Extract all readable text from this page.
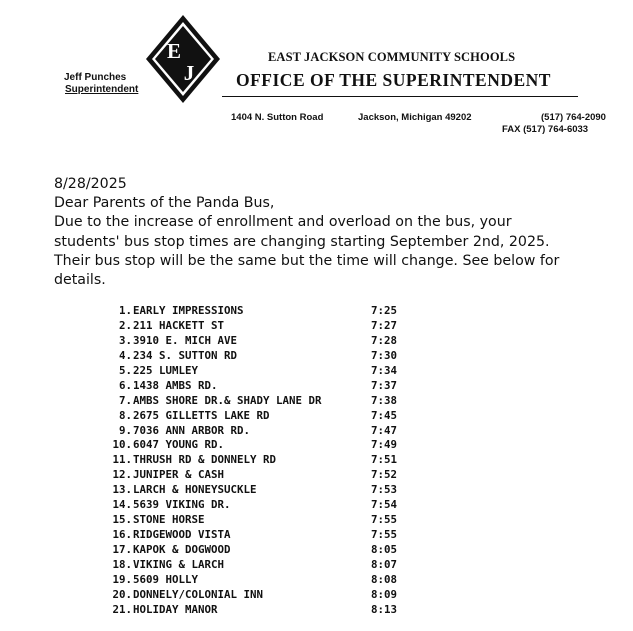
E
J
Jeff Punches
Superintendent
EAST JACKSON COMMUNITY SCHOOLS
OFFICE OF THE SUPERINTENDENT
1404 N. Sutton Road	Jackson, Michigan 49202	(517) 764-2090
FAX (517) 764-6033

8/28/2025

Dear Parents of the Panda Bus,

Due to the increase of enrollment and overload on the bus, your

students' bus stop times are changing starting September 2nd, 2025.

Their bus stop will be the same but the time will change. See below for

details.

1. EARLY IMPRESSIONS	7:25
2. 211 HACKETT ST	7:27
3. 3910 E. MICH AVE	7:28
4. 234 S. SUTTON RD	7:30
5. 225 LUMLEY	7:34
6. 1438 AMBS RD.	7:37
7. AMBS SHORE DR.& SHADY LANE DR	7:38
8. 2675 GILLETTS LAKE RD	7:45
9. 7036 ANN ARBOR RD.	7:47
10. 6047 YOUNG RD.	7:49
11. THRUSH RD & DONNELY RD	7:51
12. JUNIPER & CASH	7:52
13. LARCH & HONEYSUCKLE	7:53
14. 5639 VIKING DR.	7:54
15. STONE HORSE	7:55
16. RIDGEWOOD VISTA	7:55
17. KAPOK & DOGWOOD	8:05
18. VIKING & LARCH	8:07
19. 5609 HOLLY	8:08
20. DONNELY/COLONIAL INN	8:09
21. HOLIDAY MANOR	8:13
